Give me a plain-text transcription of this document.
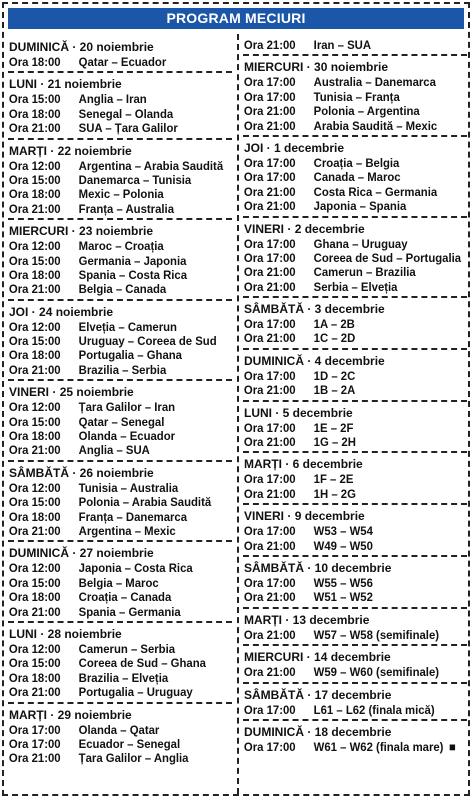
PROGRAM MECIURI
DUMINICĂ · 20 noiembrie
Ora 18:00	Qatar – Ecuador
LUNI · 21 noiembrie
Ora 15:00	Anglia – Iran
Ora 18:00	Senegal – Olanda
Ora 21:00	SUA – Țara Galilor
MARȚI · 22 noiembrie
Ora 12:00	Argentina – Arabia Saudită
Ora 15:00	Danemarca – Tunisia
Ora 18:00	Mexic – Polonia
Ora 21:00	Franța – Australia
MIERCURI · 23 noiembrie
Ora 12:00	Maroc – Croația
Ora 15:00	Germania – Japonia
Ora 18:00	Spania – Costa Rica
Ora 21:00	Belgia – Canada
JOI · 24 noiembrie
Ora 12:00	Elveția – Camerun
Ora 15:00	Uruguay – Coreea de Sud
Ora 18:00	Portugalia – Ghana
Ora 21:00	Brazilia – Serbia
VINERI · 25 noiembrie
Ora 12:00	Țara Galilor – Iran
Ora 15:00	Qatar – Senegal
Ora 18:00	Olanda – Ecuador
Ora 21:00	Anglia – SUA
SÂMBĂTĂ · 26 noiembrie
Ora 12:00	Tunisia – Australia
Ora 15:00	Polonia – Arabia Saudită
Ora 18:00	Franța – Danemarca
Ora 21:00	Argentina – Mexic
DUMINICĂ · 27 noiembrie
Ora 12:00	Japonia – Costa Rica
Ora 15:00	Belgia – Maroc
Ora 18:00	Croația – Canada
Ora 21:00	Spania – Germania
LUNI · 28 noiembrie
Ora 12:00	Camerun – Serbia
Ora 15:00	Coreea de Sud – Ghana
Ora 18:00	Brazilia – Elveția
Ora 21:00	Portugalia – Uruguay
MARȚI · 29 noiembrie
Ora 17:00	Olanda – Qatar
Ora 17:00	Ecuador – Senegal
Ora 21:00	Țara Galilor – Anglia
Ora 21:00	Iran – SUA
MIERCURI · 30 noiembrie
Ora 17:00	Australia – Danemarca
Ora 17:00	Tunisia – Franța
Ora 21:00	Polonia – Argentina
Ora 21:00	Arabia Saudită – Mexic
JOI · 1 decembrie
Ora 17:00	Croația – Belgia
Ora 17:00	Canada – Maroc
Ora 21:00	Costa Rica – Germania
Ora 21:00	Japonia – Spania
VINERI · 2 decembrie
Ora 17:00	Ghana – Uruguay
Ora 17:00	Coreea de Sud – Portugalia
Ora 21:00	Camerun – Brazilia
Ora 21:00	Serbia – Elveția
SÂMBĂTĂ · 3 decembrie
Ora 17:00	1A – 2B
Ora 21:00	1C – 2D
DUMINICĂ · 4 decembrie
Ora 17:00	1D – 2C
Ora 21:00	1B – 2A
LUNI · 5 decembrie
Ora 17:00	1E – 2F
Ora 21:00	1G – 2H
MARȚI · 6 decembrie
Ora 17:00	1F – 2E
Ora 21:00	1H – 2G
VINERI · 9 decembrie
Ora 17:00	W53 – W54
Ora 21:00	W49 – W50
SÂMBĂTĂ · 10 decembrie
Ora 17:00	W55 – W56
Ora 21:00	W51 – W52
MARȚI · 13 decembrie
Ora 21:00	W57 – W58 (semifinale)
MIERCURI · 14 decembrie
Ora 21:00	W59 – W60 (semifinale)
SÂMBĂTĂ · 17 decembrie
Ora 17:00	L61 – L62 (finala mică)
DUMINICĂ · 18 decembrie
Ora 17:00	W61 – W62 (finala mare) ■
